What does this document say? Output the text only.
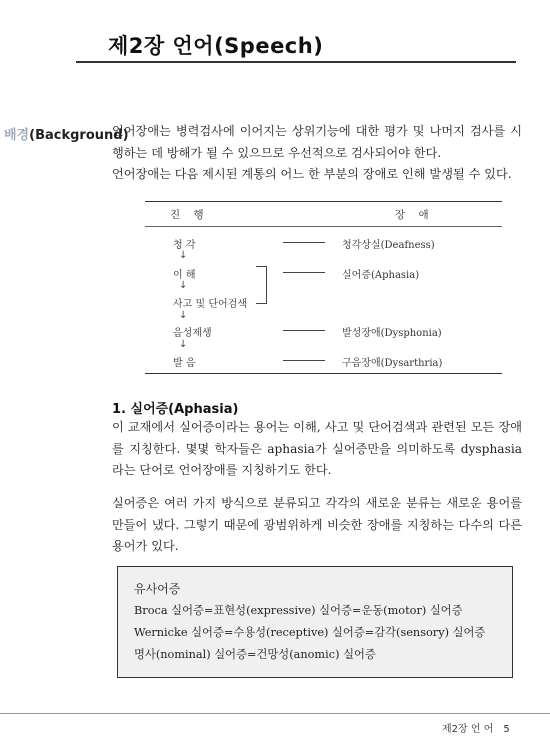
제2장 언어(Speech)
배경(Background)
언어장애는 병력검사에 이어지는 상위기능에 대한 평가 및 나머지 검사를 시행하는 데 방해가 될 수 있으므로 우선적으로 검사되어야 한다.
언어장애는 다음 제시된 계통의 어느 한 부분의 장애로 인해 발생될 수 있다.
진 행	장 애
청 각	청각상실(Deafness)
↓
이 해	실어증(Aphasia)
↓
사고 및 단어검색
↓
음성제생	발성장애(Dysphonia)
↓
발 음	구음장애(Dysarthria)
1. 실어증(Aphasia)
이 교재에서 실어증이라는 용어는 이해, 사고 및 단어검색과 관련된 모든 장애를 지칭한다. 몇몇 학자들은 aphasia가 실어증만을 의미하도록 dysphasia라는 단어로 언어장애를 지칭하기도 한다.
실어증은 여러 가지 방식으로 분류되고 각각의 새로운 분류는 새로운 용어를 만들어 냈다. 그렇기 때문에 광범위하게 비슷한 장애를 지칭하는 다수의 다른 용어가 있다.
유사어증
Broca 실어증=표현성(expressive) 실어증=운동(motor) 실어증
Wernicke 실어증=수용성(receptive) 실어증=감각(sensory) 실어증
명사(nominal) 실어증=건망성(anomic) 실어증
제2장 언 어 5
